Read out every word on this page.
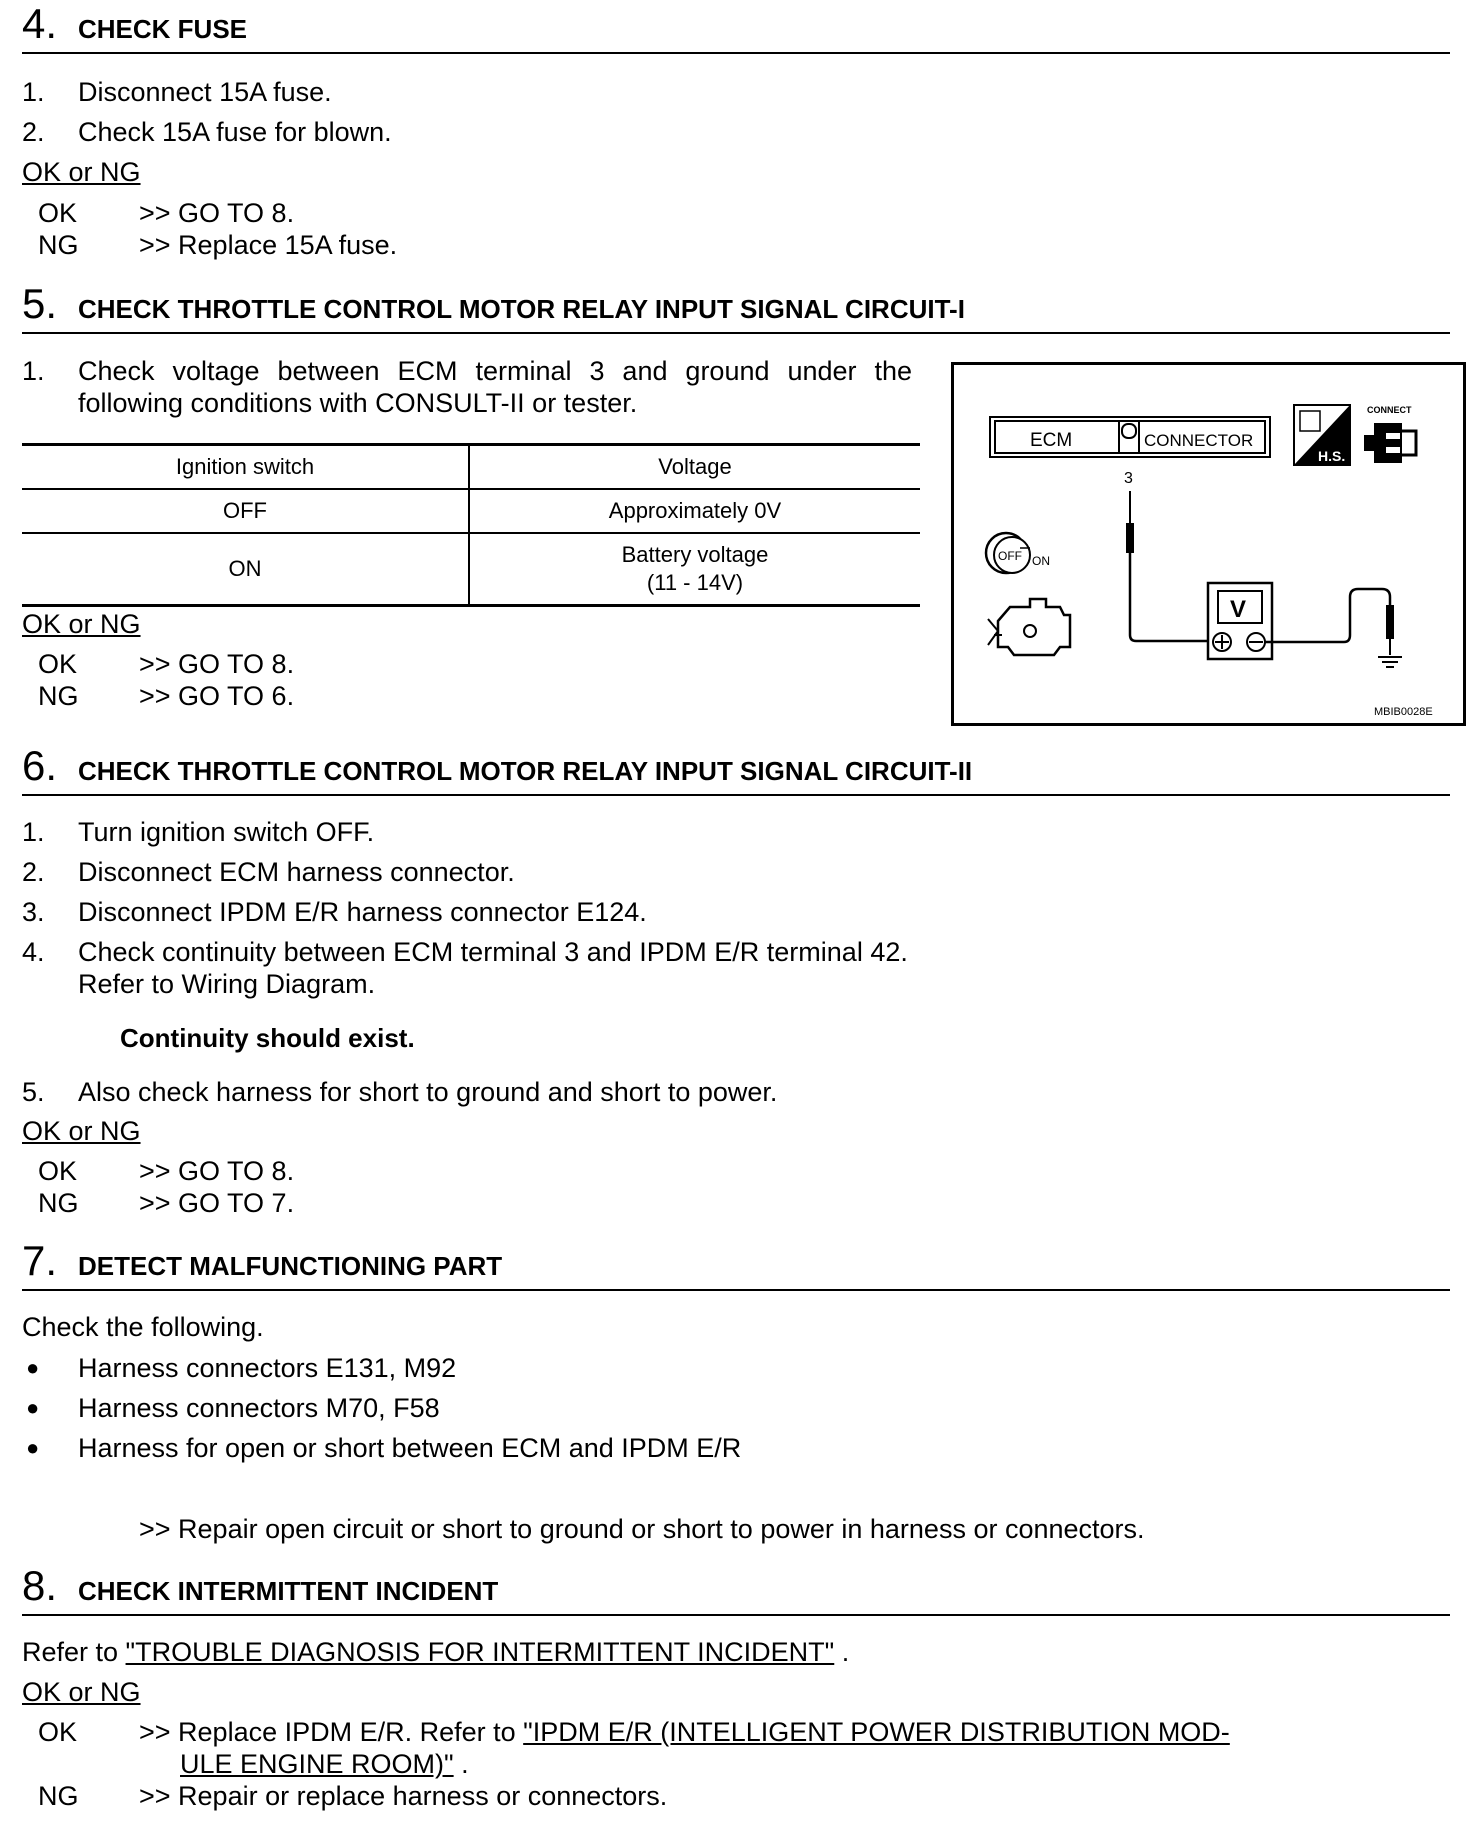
4. CHECK FUSE
1. Disconnect 15A fuse.
2. Check 15A fuse for blown.
OK or NG
OK >> GO TO 8.
NG >> Replace 15A fuse.
5. CHECK THROTTLE CONTROL MOTOR RELAY INPUT SIGNAL CIRCUIT-I
1. Check voltage between ECM terminal 3 and ground under the
following conditions with CONSULT-II or tester.
Ignition switch	Voltage
OFF	Approximately 0V
ON	Battery voltage
(11 - 14V)
OK or NG
OK >> GO TO 8.
NG >> GO TO 6.
ECM	CONNECTOR
H.S.
CONNECT
3
V
OFF ON
MBIB0028E
6. CHECK THROTTLE CONTROL MOTOR RELAY INPUT SIGNAL CIRCUIT-II
1. Turn ignition switch OFF.
2. Disconnect ECM harness connector.
3. Disconnect IPDM E/R harness connector E124.
4. Check continuity between ECM terminal 3 and IPDM E/R terminal 42.
Refer to Wiring Diagram.
Continuity should exist.
5. Also check harness for short to ground and short to power.
OK or NG
OK >> GO TO 8.
NG >> GO TO 7.
7. DETECT MALFUNCTIONING PART
Check the following.
● Harness connectors E131, M92
● Harness connectors M70, F58
● Harness for open or short between ECM and IPDM E/R
>> Repair open circuit or short to ground or short to power in harness or connectors.
8. CHECK INTERMITTENT INCIDENT
Refer to "TROUBLE DIAGNOSIS FOR INTERMITTENT INCIDENT" .
OK or NG
OK >> Replace IPDM E/R. Refer to "IPDM E/R (INTELLIGENT POWER DISTRIBUTION MOD-
ULE ENGINE ROOM)" .
NG >> Repair or replace harness or connectors.
